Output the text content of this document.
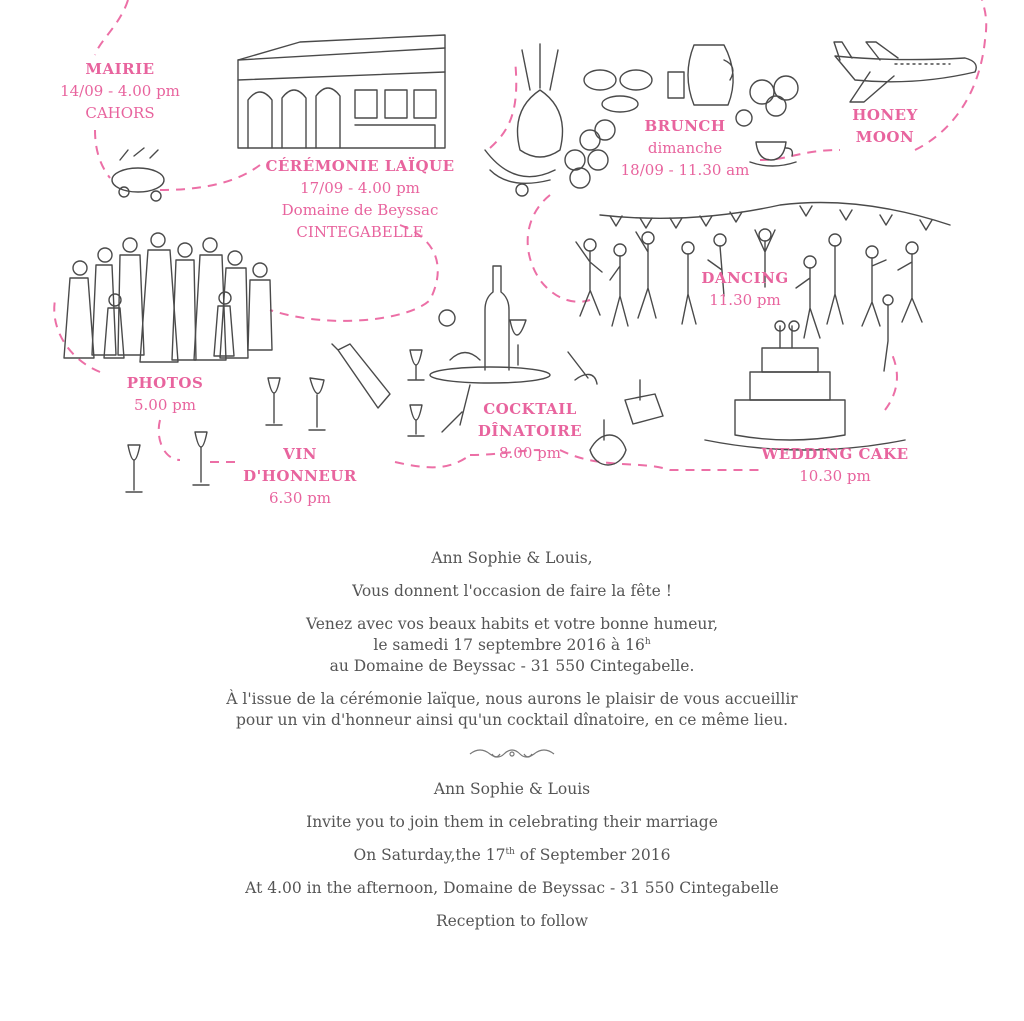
MAIRIE
14/09 - 4.00 pm
CAHORS
CÉRÉMONIE LAÏQUE
17/09 - 4.00 pm
Domaine de Beyssac
CINTEGABELLE
BRUNCH
dimanche
18/09 - 11.30 am
HONEY
MOON
DANCING
11.30 pm
PHOTOS
5.00 pm
VIN D'HONNEUR
6.30 pm
COCKTAIL
DÎNATOIRE
8.00 pm	WEDDING CAKE
10.30 pm

Ann Sophie & Louis,

Vous donnent l'occasion de faire la fête !

Venez avec vos beaux habits et votre bonne humeur,
le samedi 17 septembre 2016 à 16$^h$
au Domaine de Beyssac - 31 550 Cintegabelle.

À l'issue de la cérémonie laïque, nous aurons le plaisir de vous accueillir
pour un vin d'honneur ainsi qu'un cocktail dînatoire, en ce même lieu.

Ann Sophie & Louis

Invite you to join them in celebrating their marriage

On Saturday,the 17th of September 2016

At 4.00 in the afternoon, Domaine de Beyssac - 31 550 Cintegabelle

Reception to follow
